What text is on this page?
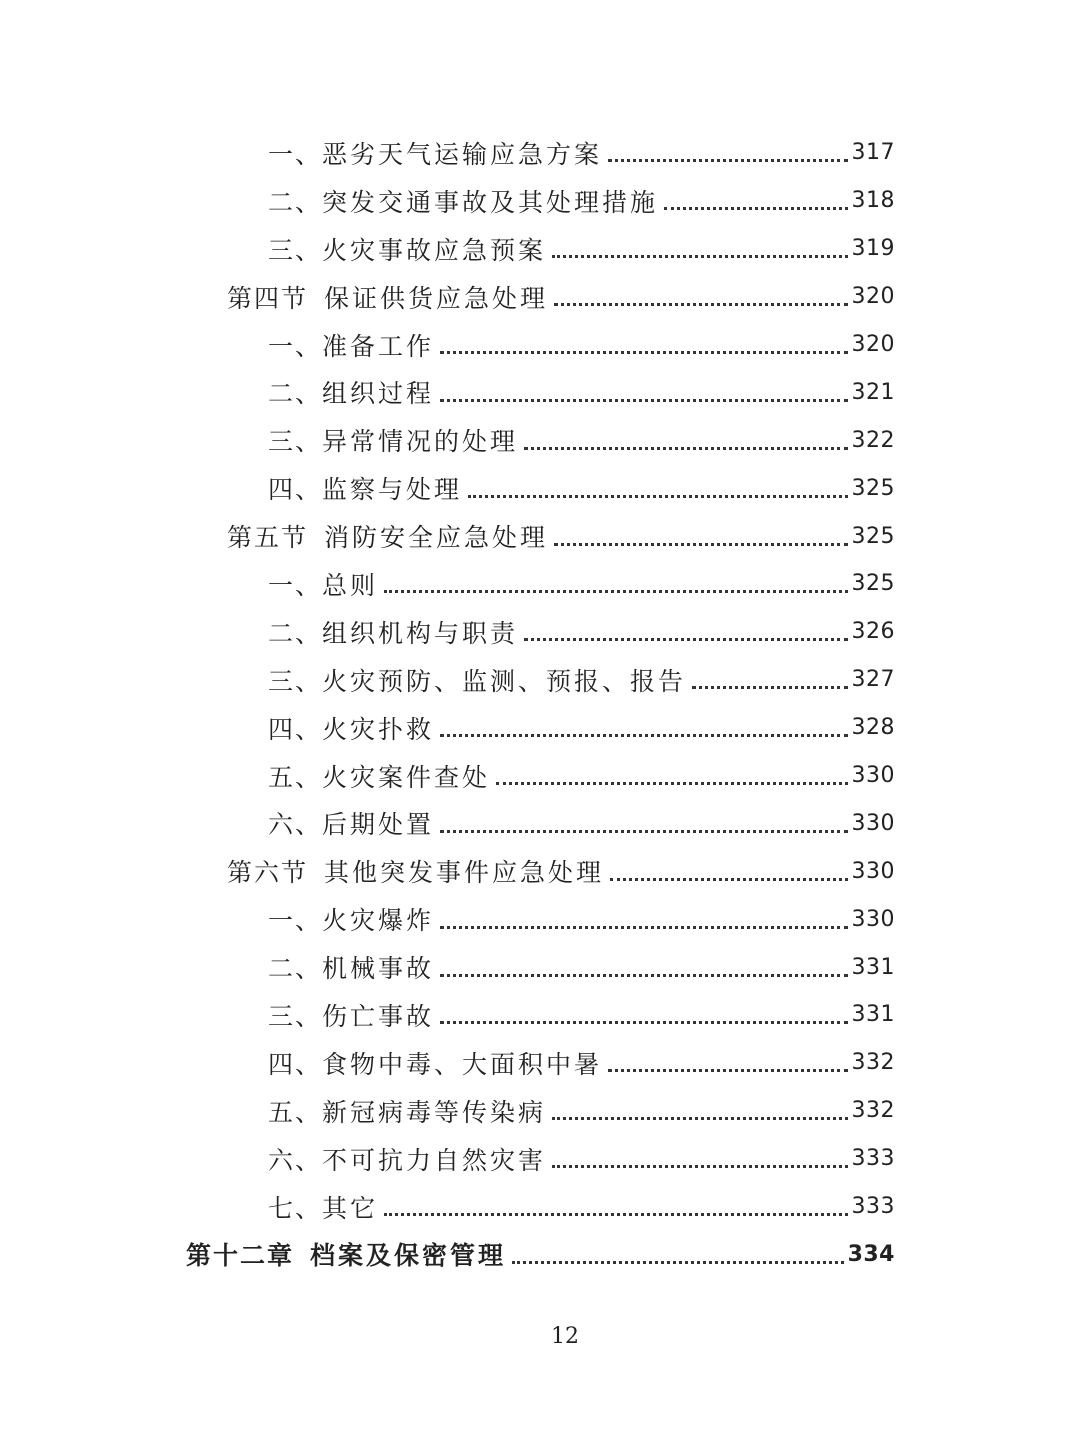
一、 恶劣天气运输应急方案	317
二、 突发交通事故及其处理措施	318
三、 火灾事故应急预案	319
第四节 保证供货应急处理	320
一、 准备工作	320
二、 组织过程	321
三、 异常情况的处理	322
四、 监察与处理	325
第五节 消防安全应急处理	325
一、 总则	325
二、 组织机构与职责	326
三、 火灾预防、监测、预报、报告	327
四、 火灾扑救	328
五、 火灾案件查处	330
六、 后期处置	330
第六节 其他突发事件应急处理	330
一、 火灾爆炸	330
二、 机械事故	331
三、 伤亡事故	331
四、 食物中毒、大面积中暑	332
五、 新冠病毒等传染病	332
六、 不可抗力自然灾害	333
七、 其它	333
第十二章 档案及保密管理	334
12
